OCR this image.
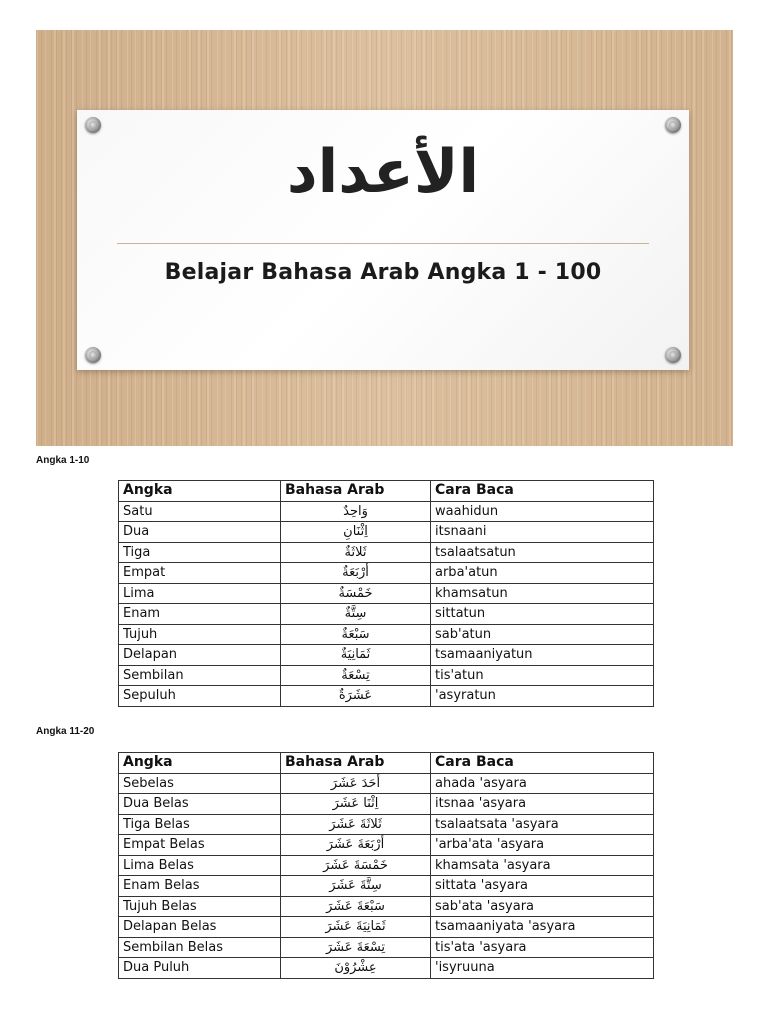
الأعداد
Belajar Bahasa Arab Angka 1 - 100
Angka 1-10
Angka	Bahasa Arab	Cara Baca
Satu	وَاحِدٌ	waahidun
Dua	اِثْنَانِ	itsnaani
Tiga	ثَلاثَةٌ	tsalaatsatun
Empat	أَرْبَعَةٌ	arba'atun
Lima	خَمْسَةٌ	khamsatun
Enam	سِتَّةٌ	sittatun
Tujuh	سَبْعَةٌ	sab'atun
Delapan	ثَمَانِيَةٌ	tsamaaniyatun
Sembilan	تِسْعَةٌ	tis'atun
Sepuluh	عَشَرَةٌ	'asyratun
Angka 11-20
Angka	Bahasa Arab	Cara Baca
Sebelas	أَحَدَ عَشَرَ	ahada 'asyara
Dua Belas	اِثْنَا عَشَرَ	itsnaa 'asyara
Tiga Belas	ثَلاثَةَ عَشَرَ	tsalaatsata 'asyara
Empat Belas	أَرْبَعَةَ عَشَرَ	'arba'ata 'asyara
Lima Belas	خَمْسَةَ عَشَرَ	khamsata 'asyara
Enam Belas	سِتَّةَ عَشَرَ	sittata 'asyara
Tujuh Belas	سَبْعَةَ عَشَرَ	sab'ata 'asyara
Delapan Belas	ثَمَانِيَةَ عَشَرَ	tsamaaniyata 'asyara
Sembilan Belas	تِسْعَةَ عَشَرَ	tis'ata 'asyara
Dua Puluh	عِشْرُوْنَ	'isyruuna
